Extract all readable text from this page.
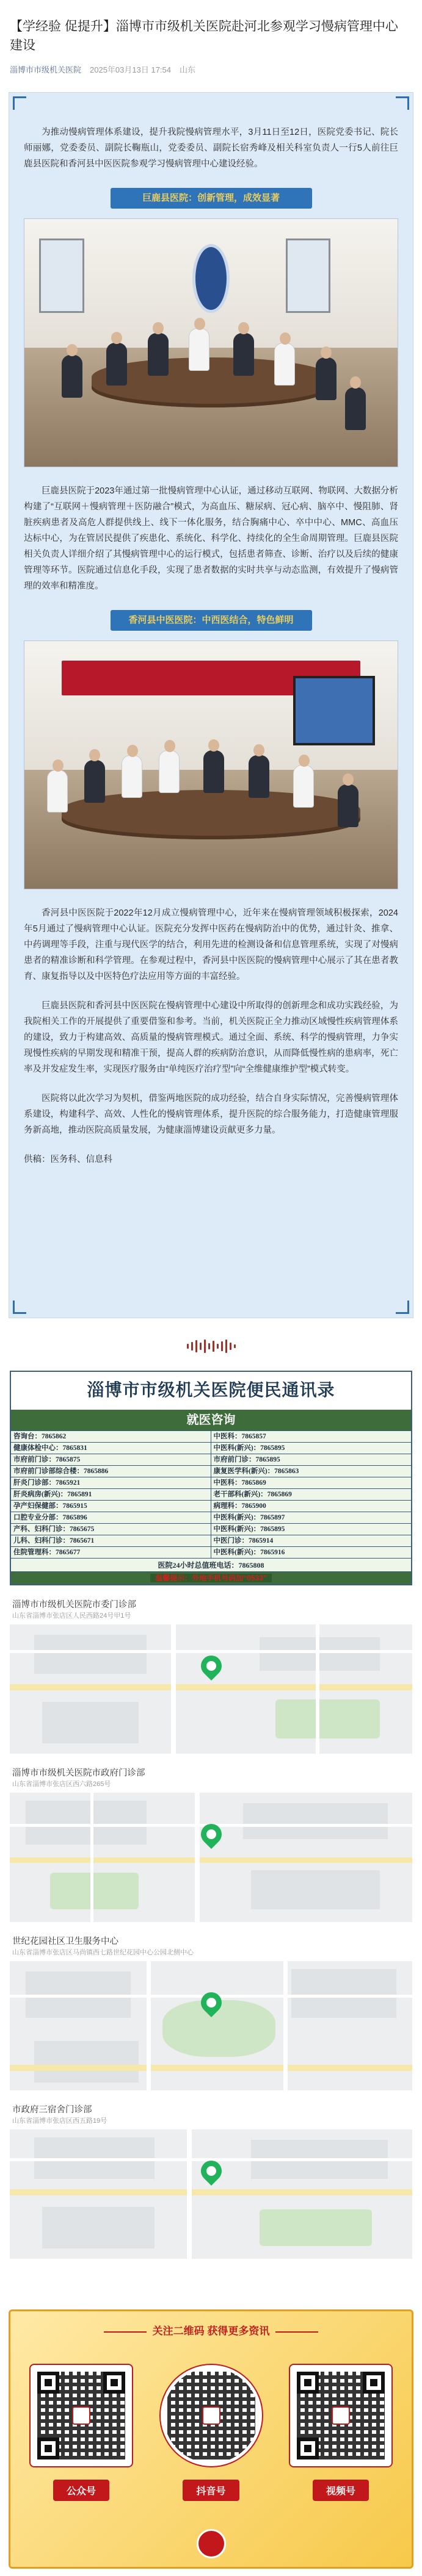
【学经验 促提升】淄博市市级机关医院赴河北参观学习慢病管理中心建设
淄博市市级机关医院 2025年03月13日 17:54 山东

为推动慢病管理体系建设，提升我院慢病管理水平，3月11日至12日，医院党委书记、院长师丽娜，党委委员、副院长鞠瓶山，党委委员、副院长宿秀峰及相关科室负责人一行5人前往巨鹿县医院和香河县中医医院参观学习慢病管理中心建设经验。

巨鹿县医院：创新管理，成效显著

巨鹿县医院于2023年通过第一批慢病管理中心认证，通过移动互联网、物联网、大数据分析构建了“互联网＋慢病管理＋医防融合”模式，为高血压、糖尿病、冠心病、脑卒中、慢阻肺、肾脏疾病患者及高危人群提供线上、线下一体化服务，结合胸痛中心、卒中中心、MMC、高血压达标中心，为在管居民提供了疾患化、系统化、科学化、持续化的全生命周期管理。巨鹿县医院相关负责人详细介绍了其慢病管理中心的运行模式，包括患者筛查、诊断、治疗以及后续的健康管理等环节。医院通过信息化手段，实现了患者数据的实时共享与动态监测，有效提升了慢病管理的效率和精准度。

香河县中医医院：中西医结合，特色鲜明

香河县中医医院于2022年12月成立慢病管理中心，近年来在慢病管理领域积极探索，2024年5月通过了慢病管理中心认证。医院充分发挥中医药在慢病防治中的优势，通过针灸、推拿、中药调理等手段，注重与现代医学的结合，利用先进的检测设备和信息管理系统，实现了对慢病患者的精准诊断和科学管理。在参观过程中，香河县中医医院的慢病管理中心展示了其在患者教育、康复指导以及中医特色疗法应用等方面的丰富经验。

巨鹿县医院和香河县中医医院在慢病管理中心建设中所取得的创新理念和成功实践经验，为我院相关工作的开展提供了重要借鉴和参考。当前，机关医院正全力推动区域慢性疾病管理体系的建设，致力于构建高效、高质量的慢病管理模式。通过全面、系统、科学的慢病管理，力争实现慢性疾病的早期发现和精准干预，提高人群的疾病防治意识，从而降低慢性病的患病率，死亡率及并发症发生率，实现医疗服务由“单纯医疗治疗型”向“全维健康维护型”模式转变。

医院将以此次学习为契机，借鉴两地医院的成功经验，结合自身实际情况，完善慢病管理体系建设，构建科学、高效、人性化的慢病管理体系，提升医院的综合服务能力，打造健康管理服务新高地，推动医院高质量发展，为健康淄博建设贡献更多力量。

供稿：医务科、信息科

淄博市市级机关医院便民通讯录
就医咨询
咨询台：7865862	中医科：7865857
健康体检中心：7865831	中医科(新兴)：7865895
市府前门诊：7865875	市府前门诊：7865895
市府前门诊部综合楼：7865886	康复医学科(新兴)：7865863
肝炎门诊部：7865921	中医科：7865869
肝炎病房(新兴)：7865891	老干部科(新兴)：7865869
孕产妇保健部：7865915	病理科：7865900
口腔专业分部：7865896	中医科(新兴)：7865897
产科、妇科门诊：7865675	中医科(新兴)：7865895
儿科、妇科门诊：7865671	中医门诊：7865914
住院管理科：7865677	中医科(新兴)：7865916
医院24小时总值班电话：7865808
温馨提示：外地手机号码加“0533”
淄博市市级机关医院市委门诊部
山东省淄博市张店区人民西路24号甲1号
淄博市市级机关医院市政府门诊部
山东省淄博市张店区西六路265号
世纪花园社区卫生服务中心
山东省淄博市张店区马尚镇西七路世纪花园中心公园北侧中心
市政府三宿舍门诊部
山东省淄博市张店区西五路19号
关注二维码 获得更多资讯
公众号	抖音号	视频号
